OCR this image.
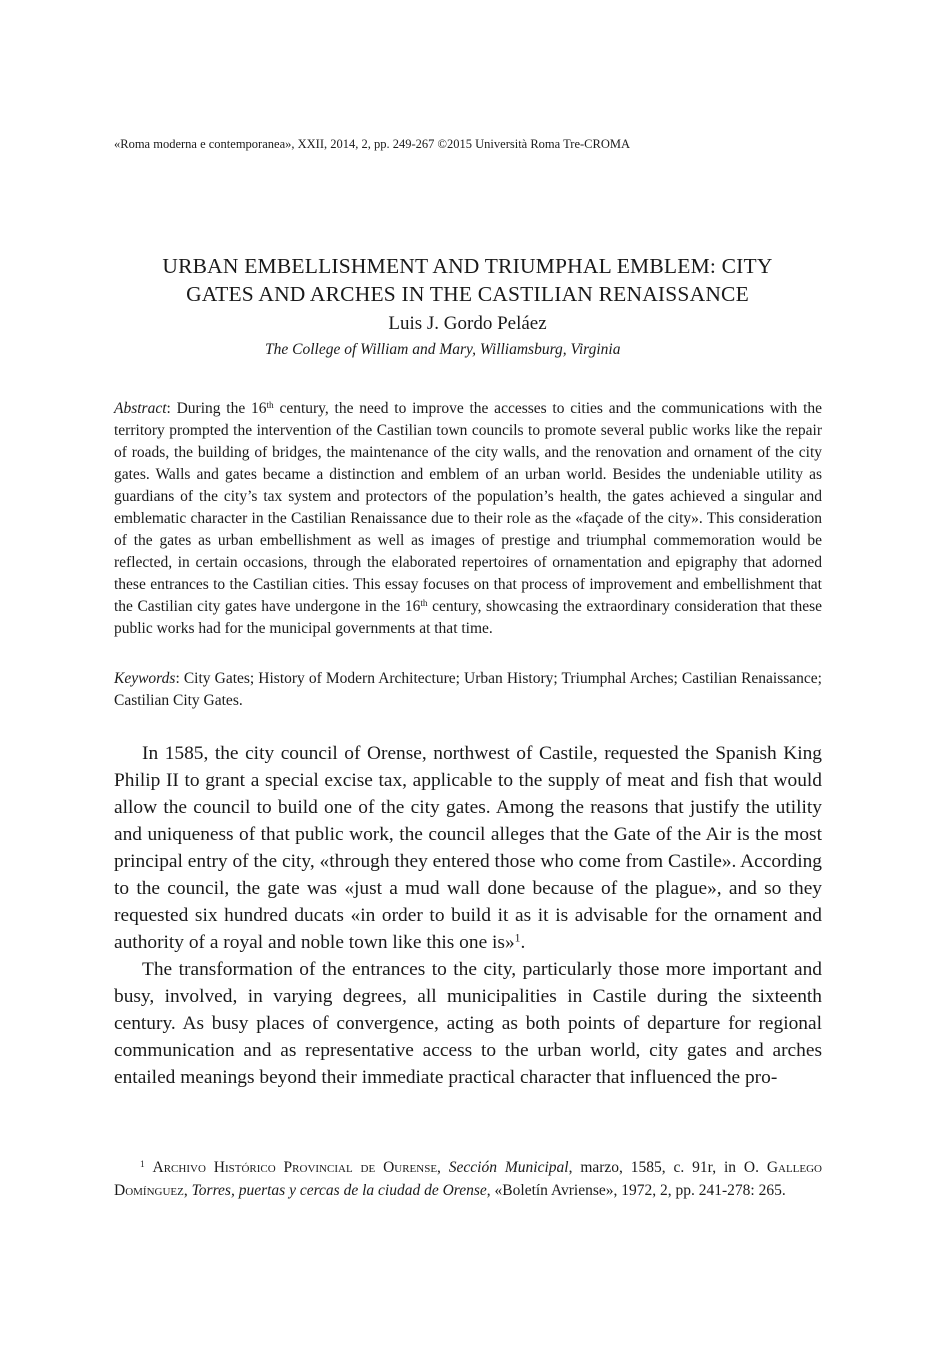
«Roma moderna e contemporanea», XXII, 2014, 2, pp. 249-267 ©2015 Università Roma Tre-CROMA
URBAN EMBELLISHMENT AND TRIUMPHAL EMBLEM: CITY
GATES AND ARCHES IN THE CASTILIAN RENAISSANCE
Luis J. Gordo Peláez
The College of William and Mary, Williamsburg, Virginia
Abstract: During the 16th century, the need to improve the accesses to cities and the communications with the territory prompted the intervention of the Castilian town councils to promote several public works like the repair of roads, the building of bridges, the maintenance of the city walls, and the renovation and ornament of the city gates. Walls and gates became a distinction and emblem of an urban world. Besides the undeniable utility as guardians of the city’s tax system and protectors of the population’s health, the gates achieved a singular and emblematic character in the Castilian Renaissance due to their role as the «façade of the city». This consideration of the gates as urban embellishment as well as images of prestige and triumphal commemoration would be reflected, in certain occasions, through the elaborated repertoires of ornamentation and epigraphy that adorned these entrances to the Castilian cities. This essay focuses on that process of improvement and embellishment that the Castilian city gates have undergone in the 16th century, showcasing the extraordinary consideration that these public works had for the municipal governments at that time.
Keywords: City Gates; History of Modern Architecture; Urban History; Triumphal Arches; Castilian Renaissance; Castilian City Gates.

In 1585, the city council of Orense, northwest of Castile, requested the Spanish King Philip II to grant a special excise tax, applicable to the supply of meat and fish that would allow the council to build one of the city gates. Among the reasons that justify the utility and uniqueness of that public work, the council alleges that the Gate of the Air is the most principal entry of the city, «through they entered those who come from Castile». According to the council, the gate was «just a mud wall done because of the plague», and so they requested six hundred ducats «in order to build it as it is advisable for the ornament and authority of a royal and noble town like this one is»$^1$.

The transformation of the entrances to the city, particularly those more important and busy, involved, in varying degrees, all municipalities in Castile during the sixteenth century. As busy places of convergence, acting as both points of departure for regional communication and as representative access to the urban world, city gates and arches entailed meanings beyond their immediate practical character that influenced the pro-

$^1$ Archivo Histórico Provincial de Ourense, Sección Municipal, marzo, 1585, c. 91r, in O. Gallego Domínguez, Torres, puertas y cercas de la ciudad de Orense, «Boletín Avriense», 1972, 2, pp. 241-278: 265.
